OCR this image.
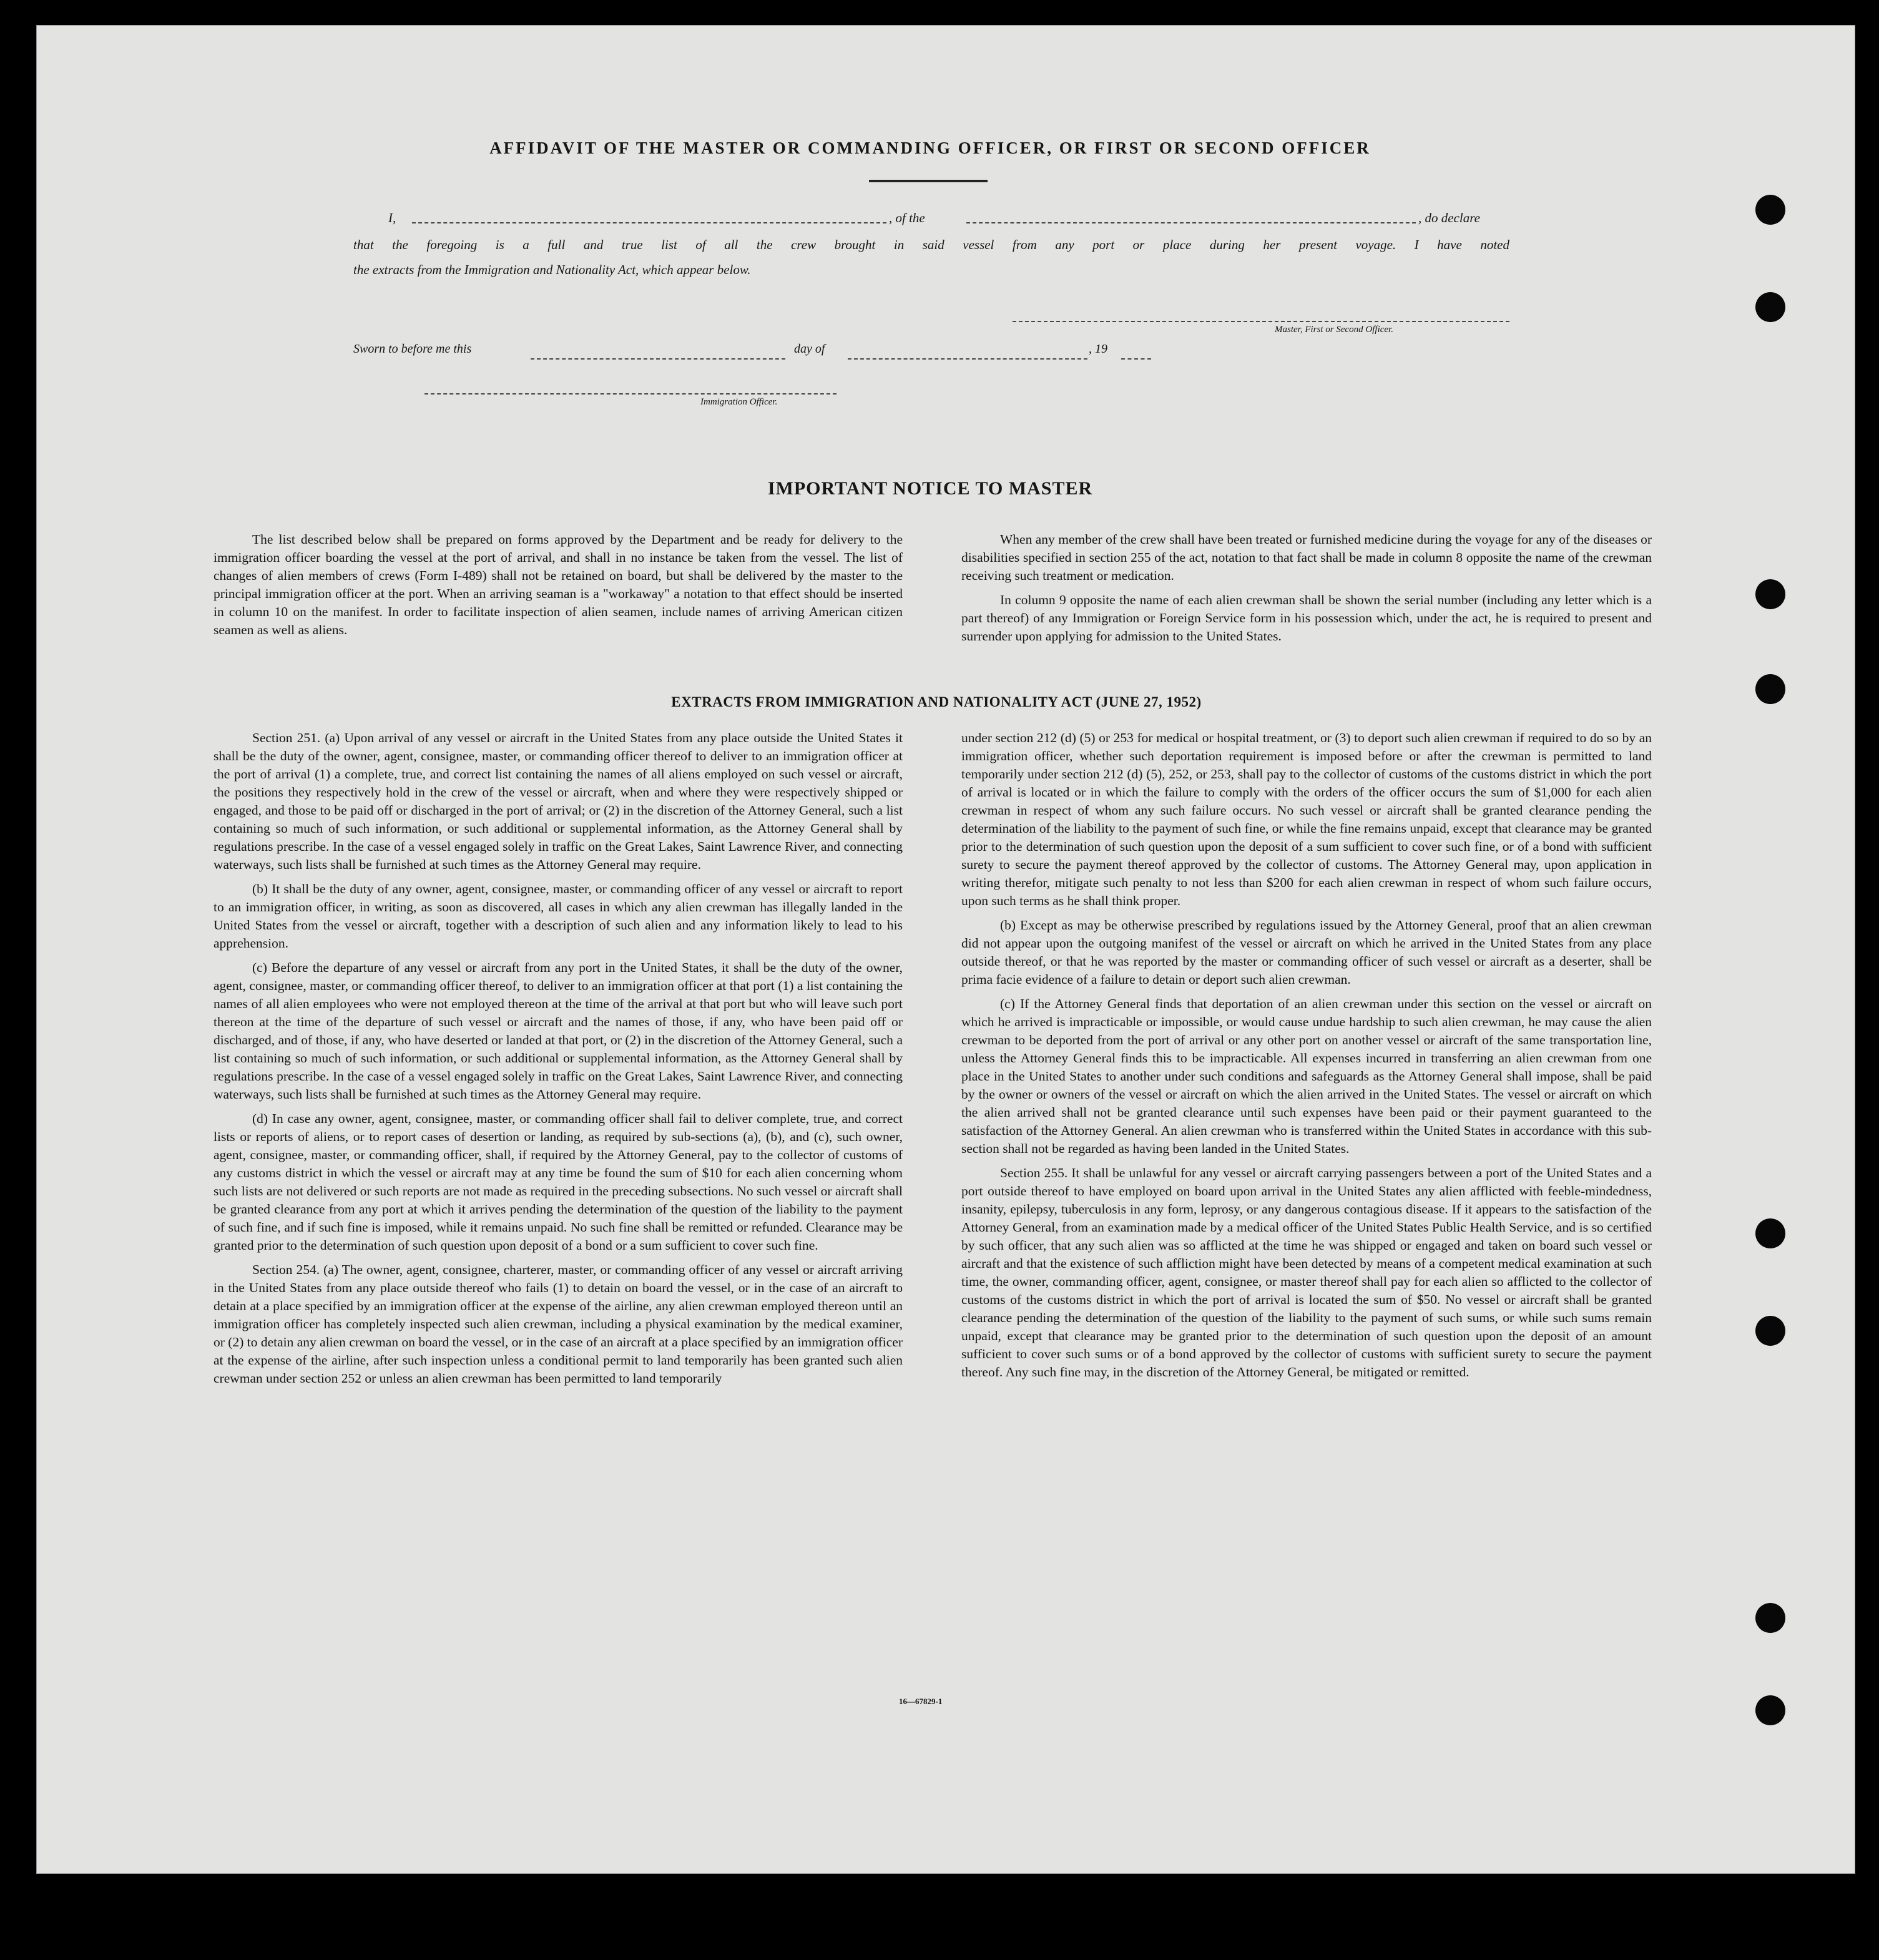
AFFIDAVIT OF THE MASTER OR COMMANDING OFFICER, OR FIRST OR SECOND OFFICER
I,	, of the	, do declare
that the foregoing is a full and true list of all the crew brought in said vessel from any port or place during her present voyage. I have noted
the extracts from the Immigration and Nationality Act, which appear below.
Master, First or Second Officer.
Sworn to before me this	day of	, 19
Immigration Officer.
IMPORTANT NOTICE TO MASTER

The list described below shall be prepared on forms approved by the Department and be ready for delivery to the immigration officer boarding the vessel at the port of arrival, and shall in no instance be taken from the vessel. The list of changes of alien members of crews (Form I-489) shall not be retained on board, but shall be delivered by the master to the principal immigration officer at the port. When an arriving seaman is a "workaway" a notation to that effect should be inserted in column 10 on the manifest. In order to facilitate inspection of alien seamen, include names of arriving American citizen seamen as well as aliens.

When any member of the crew shall have been treated or furnished medicine during the voyage for any of the diseases or disabilities specified in section 255 of the act, notation to that fact shall be made in column 8 opposite the name of the crewman receiving such treatment or medication.

In column 9 opposite the name of each alien crewman shall be shown the serial number (including any letter which is a part thereof) of any Immigration or Foreign Service form in his possession which, under the act, he is required to present and surrender upon applying for admission to the United States.

EXTRACTS FROM IMMIGRATION AND NATIONALITY ACT (JUNE 27, 1952)

Section 251. (a) Upon arrival of any vessel or aircraft in the United States from any place outside the United States it shall be the duty of the owner, agent, consignee, master, or commanding officer thereof to deliver to an immigration officer at the port of arrival (1) a complete, true, and correct list containing the names of all aliens employed on such vessel or aircraft, the positions they respectively hold in the crew of the vessel or aircraft, when and where they were respectively shipped or engaged, and those to be paid off or discharged in the port of arrival; or (2) in the discretion of the Attorney General, such a list containing so much of such information, or such additional or supplemental information, as the Attorney General shall by regulations prescribe. In the case of a vessel engaged solely in traffic on the Great Lakes, Saint Lawrence River, and connecting waterways, such lists shall be furnished at such times as the Attorney General may require.

(b) It shall be the duty of any owner, agent, consignee, master, or commanding officer of any vessel or aircraft to report to an immigration officer, in writing, as soon as discovered, all cases in which any alien crewman has illegally landed in the United States from the vessel or aircraft, together with a description of such alien and any information likely to lead to his apprehension.

(c) Before the departure of any vessel or aircraft from any port in the United States, it shall be the duty of the owner, agent, consignee, master, or commanding officer thereof, to deliver to an immigration officer at that port (1) a list containing the names of all alien employees who were not employed thereon at the time of the arrival at that port but who will leave such port thereon at the time of the departure of such vessel or aircraft and the names of those, if any, who have been paid off or discharged, and of those, if any, who have deserted or landed at that port, or (2) in the discretion of the Attorney General, such a list containing so much of such information, or such additional or supplemental information, as the Attorney General shall by regulations prescribe. In the case of a vessel engaged solely in traffic on the Great Lakes, Saint Lawrence River, and connecting waterways, such lists shall be furnished at such times as the Attorney General may require.

(d) In case any owner, agent, consignee, master, or commanding officer shall fail to deliver complete, true, and correct lists or reports of aliens, or to report cases of desertion or landing, as required by sub-sections (a), (b), and (c), such owner, agent, consignee, master, or commanding officer, shall, if required by the Attorney General, pay to the collector of customs of any customs district in which the vessel or aircraft may at any time be found the sum of $10 for each alien concerning whom such lists are not delivered or such reports are not made as required in the preceding subsections. No such vessel or aircraft shall be granted clearance from any port at which it arrives pending the determination of the question of the liability to the payment of such fine, and if such fine is imposed, while it remains unpaid. No such fine shall be remitted or refunded. Clearance may be granted prior to the determination of such question upon deposit of a bond or a sum sufficient to cover such fine.

Section 254. (a) The owner, agent, consignee, charterer, master, or commanding officer of any vessel or aircraft arriving in the United States from any place outside thereof who fails (1) to detain on board the vessel, or in the case of an aircraft to detain at a place specified by an immigration officer at the expense of the airline, any alien crewman employed thereon until an immigration officer has completely inspected such alien crewman, including a physical examination by the medical examiner, or (2) to detain any alien crewman on board the vessel, or in the case of an aircraft at a place specified by an immigration officer at the expense of the airline, after such inspection unless a conditional permit to land temporarily has been granted such alien crewman under section 252 or unless an alien crewman has been permitted to land temporarily

under section 212 (d) (5) or 253 for medical or hospital treatment, or (3) to deport such alien crewman if required to do so by an immigration officer, whether such deportation requirement is imposed before or after the crewman is permitted to land temporarily under section 212 (d) (5), 252, or 253, shall pay to the collector of customs of the customs district in which the port of arrival is located or in which the failure to comply with the orders of the officer occurs the sum of $1,000 for each alien crewman in respect of whom any such failure occurs. No such vessel or aircraft shall be granted clearance pending the determination of the liability to the payment of such fine, or while the fine remains unpaid, except that clearance may be granted prior to the determination of such question upon the deposit of a sum sufficient to cover such fine, or of a bond with sufficient surety to secure the payment thereof approved by the collector of customs. The Attorney General may, upon application in writing therefor, mitigate such penalty to not less than $200 for each alien crewman in respect of whom such failure occurs, upon such terms as he shall think proper.

(b) Except as may be otherwise prescribed by regulations issued by the Attorney General, proof that an alien crewman did not appear upon the outgoing manifest of the vessel or aircraft on which he arrived in the United States from any place outside thereof, or that he was reported by the master or commanding officer of such vessel or aircraft as a deserter, shall be prima facie evidence of a failure to detain or deport such alien crewman.

(c) If the Attorney General finds that deportation of an alien crewman under this section on the vessel or aircraft on which he arrived is impracticable or impossible, or would cause undue hardship to such alien crewman, he may cause the alien crewman to be deported from the port of arrival or any other port on another vessel or aircraft of the same transportation line, unless the Attorney General finds this to be impracticable. All expenses incurred in transferring an alien crewman from one place in the United States to another under such conditions and safeguards as the Attorney General shall impose, shall be paid by the owner or owners of the vessel or aircraft on which the alien arrived in the United States. The vessel or aircraft on which the alien arrived shall not be granted clearance until such expenses have been paid or their payment guaranteed to the satisfaction of the Attorney General. An alien crewman who is transferred within the United States in accordance with this sub-section shall not be regarded as having been landed in the United States.

Section 255. It shall be unlawful for any vessel or aircraft carrying passengers between a port of the United States and a port outside thereof to have employed on board upon arrival in the United States any alien afflicted with feeble-mindedness, insanity, epilepsy, tuberculosis in any form, leprosy, or any dangerous contagious disease. If it appears to the satisfaction of the Attorney General, from an examination made by a medical officer of the United States Public Health Service, and is so certified by such officer, that any such alien was so afflicted at the time he was shipped or engaged and taken on board such vessel or aircraft and that the existence of such affliction might have been detected by means of a competent medical examination at such time, the owner, commanding officer, agent, consignee, or master thereof shall pay for each alien so afflicted to the collector of customs of the customs district in which the port of arrival is located the sum of $50. No vessel or aircraft shall be granted clearance pending the determination of the question of the liability to the payment of such sums, or while such sums remain unpaid, except that clearance may be granted prior to the determination of such question upon the deposit of an amount sufficient to cover such sums or of a bond approved by the collector of customs with sufficient surety to secure the payment thereof. Any such fine may, in the discretion of the Attorney General, be mitigated or remitted.

16—67829-1
